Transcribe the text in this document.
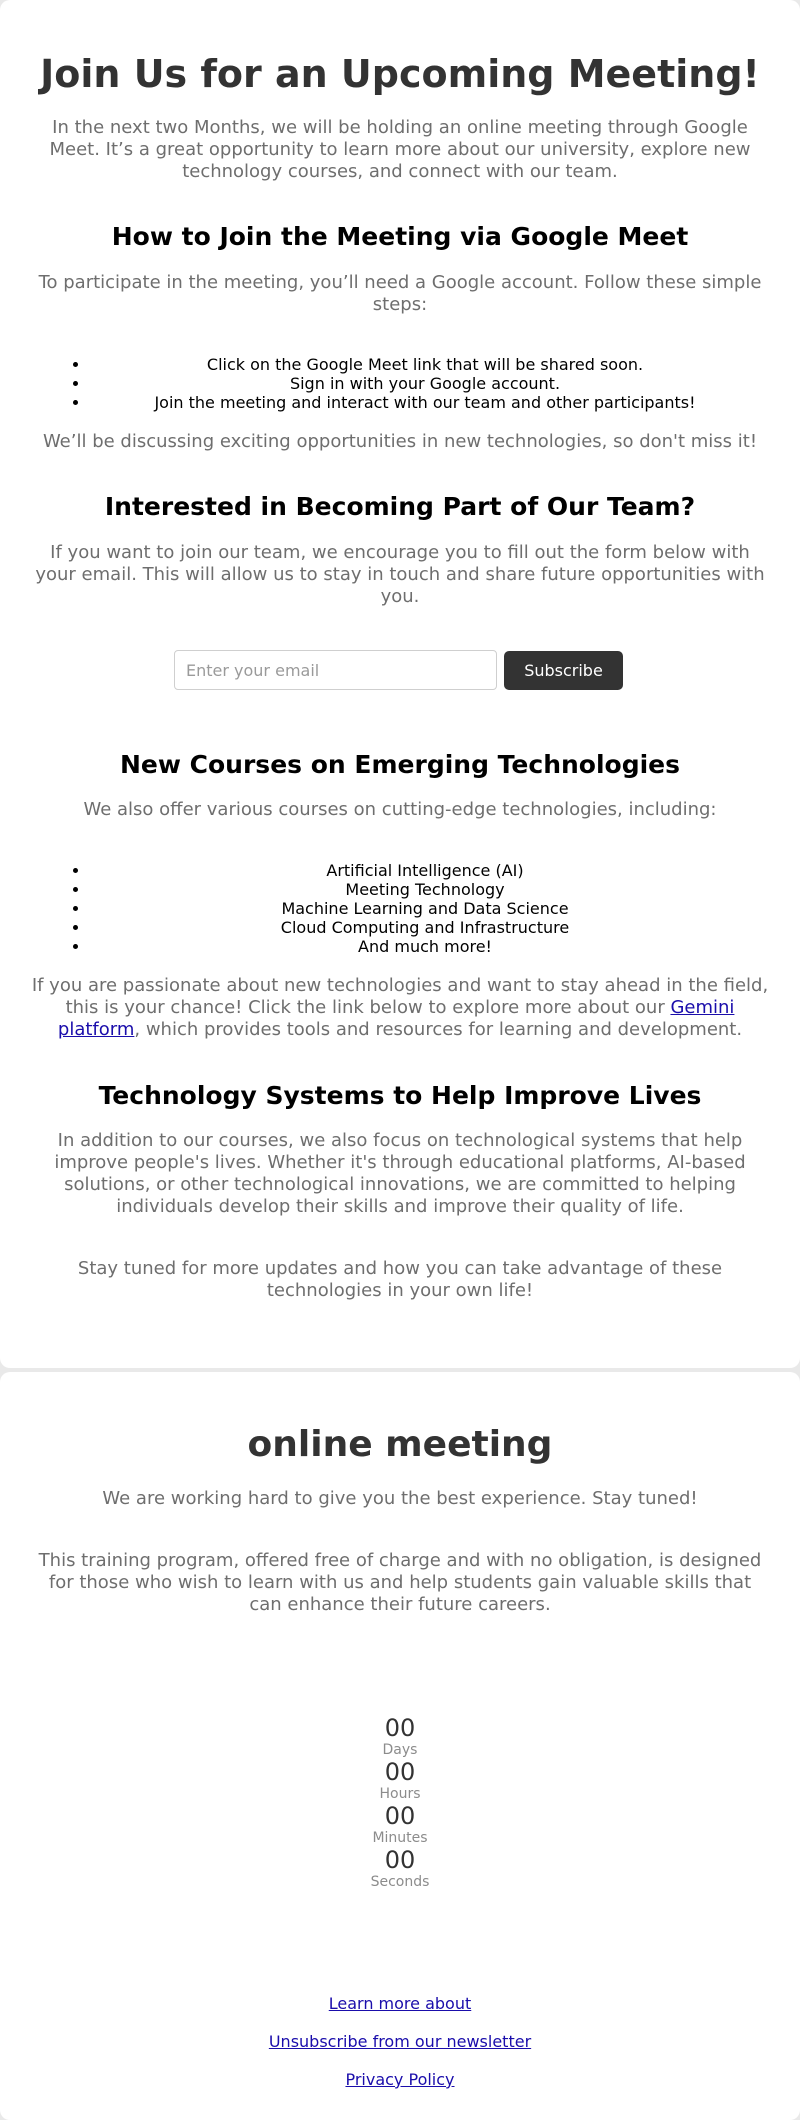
Join Us for an Upcoming Meeting!
In the next two Months, we will be holding an online meeting through Google Meet. It’s a great opportunity to learn more about our university, explore new technology courses, and connect with our team.
How to Join the Meeting via Google Meet
To participate in the meeting, you’ll need a Google account. Follow these simple steps:
• Click on the Google Meet link that will be shared soon.
• Sign in with your Google account.
• Join the meeting and interact with our team and other participants!
We’ll be discussing exciting opportunities in new technologies, so don't miss it!
Interested in Becoming Part of Our Team?
If you want to join our team, we encourage you to fill out the form below with your email. This will allow us to stay in touch and share future opportunities with you.
Enter your email
Subscribe
New Courses on Emerging Technologies
We also offer various courses on cutting-edge technologies, including:
• Artificial Intelligence (AI)
• Meeting Technology
• Machine Learning and Data Science
• Cloud Computing and Infrastructure
• And much more!
If you are passionate about new technologies and want to stay ahead in the field, this is your chance! Click the link below to explore more about our Gemini platform, which provides tools and resources for learning and development.
Technology Systems to Help Improve Lives
In addition to our courses, we also focus on technological systems that help improve people's lives. Whether it's through educational platforms, AI-based solutions, or other technological innovations, we are committed to helping individuals develop their skills and improve their quality of life.
Stay tuned for more updates and how you can take advantage of these technologies in your own life!
online meeting
We are working hard to give you the best experience. Stay tuned!
This training program, offered free of charge and with no obligation, is designed for those who wish to learn with us and help students gain valuable skills that can enhance their future careers.
00
Days
00
Hours
00
Minutes
00
Seconds
Learn more about
Unsubscribe from our newsletter
Privacy Policy
